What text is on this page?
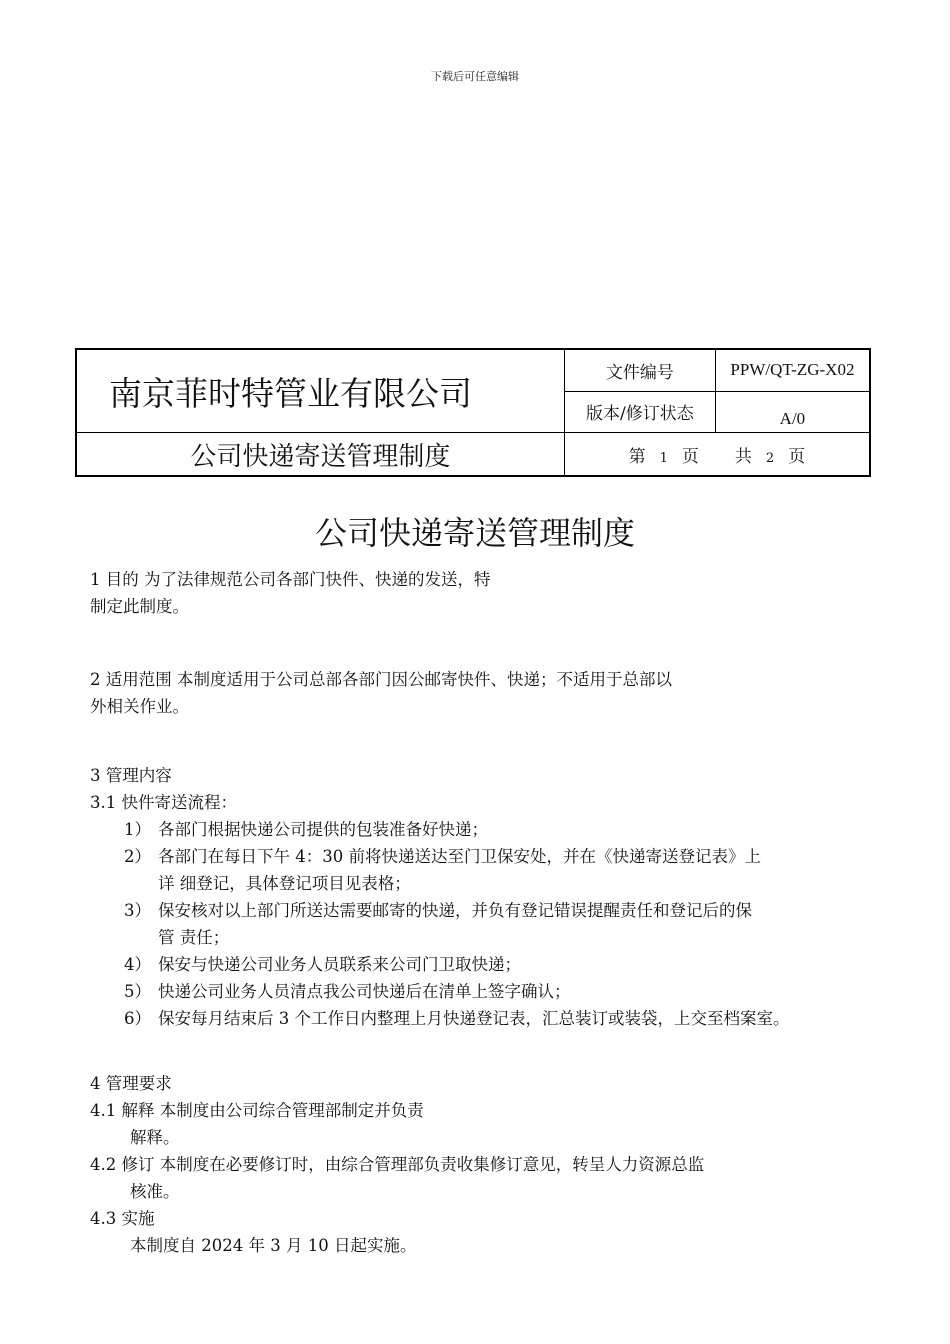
下载后可任意编辑
南京菲时特管业有限公司	文件编号	PPW/QT-ZG-X02
	版本/修订状态	A/0
公司快递寄送管理制度	第 1 页 共 2 页	
公司快递寄送管理制度

1 目的 为了法律规范公司各部门快件、快递的发送，特

制定此制度。

2 适用范围 本制度适用于公司总部各部门因公邮寄快件、快递；不适用于总部以

外相关作业。

3 管理内容

3.1 快件寄送流程：

1） 各部门根据快递公司提供的包装准备好快递；

2） 各部门在每日下午 4：30 前将快递送达至门卫保安处，并在《快递寄送登记表》上
详 细登记，具体登记项目见表格；

3） 保安核对以上部门所送达需要邮寄的快递，并负有登记错误提醒责任和登记后的保
管 责任；

4） 保安与快递公司业务人员联系来公司门卫取快递；

5） 快递公司业务人员清点我公司快递后在清单上签字确认；

6） 保安每月结束后 3 个工作日内整理上月快递登记表，汇总装订或装袋，上交至档案室。

4 管理要求

4.1 解释 本制度由公司综合管理部制定并负责

解释。

4.2 修订 本制度在必要修订时，由综合管理部负责收集修订意见，转呈人力资源总监

核准。

4.3 实施

本制度自 2024 年 3 月 10 日起实施。
